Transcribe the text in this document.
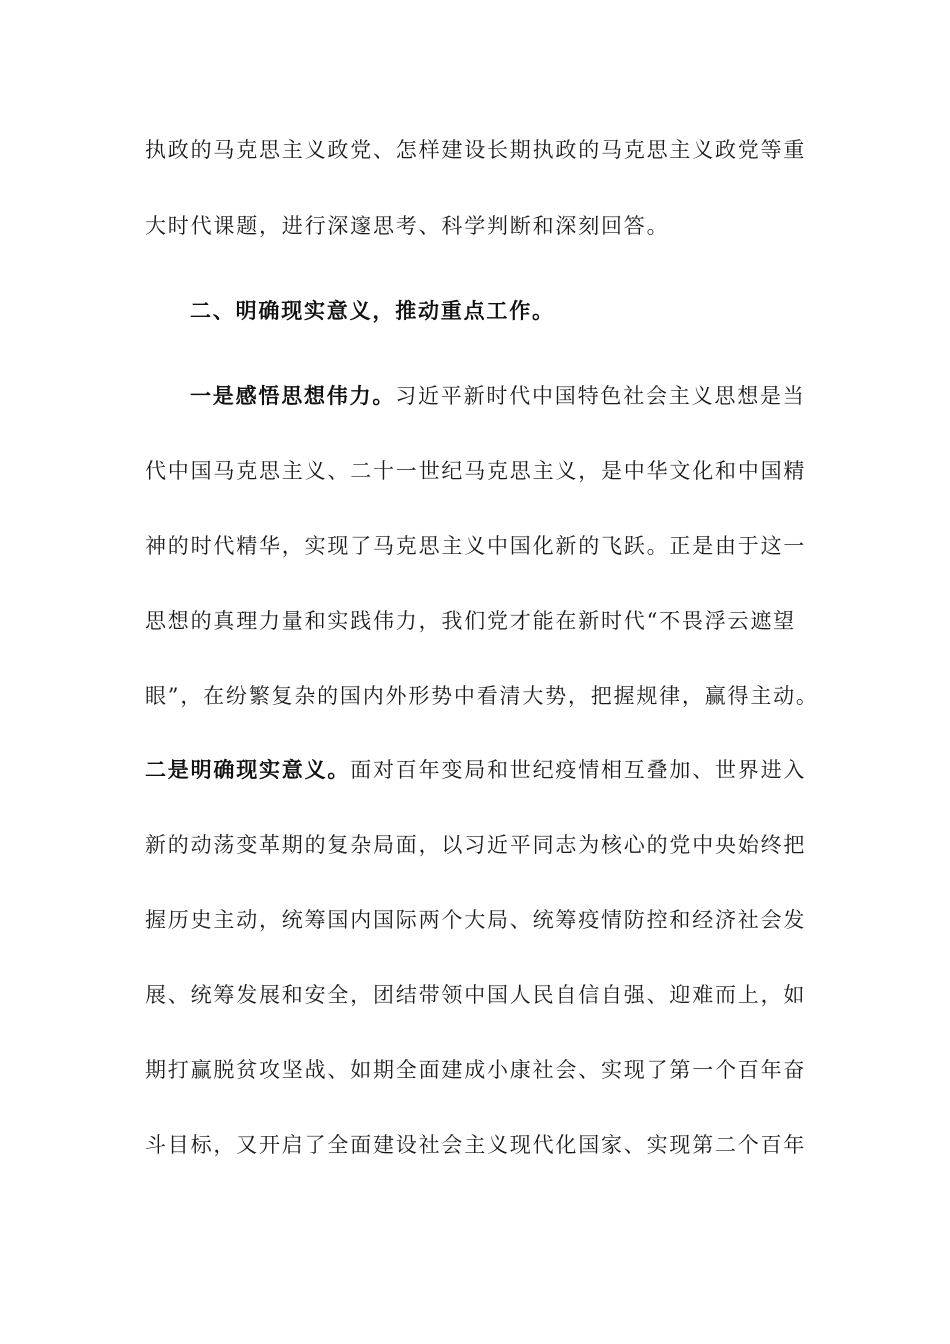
执政的马克思主义政党、怎样建设长期执政的马克思主义政党等重
大时代课题，进行深邃思考、科学判断和深刻回答。
二、明确现实意义，推动重点工作。
一是感悟思想伟力。习近平新时代中国特色社会主义思想是当
代中国马克思主义、二十一世纪马克思主义，是中华文化和中国精
神的时代精华，实现了马克思主义中国化新的飞跃。正是由于这一
思想的真理力量和实践伟力，我们党才能在新时代“不畏浮云遮望
眼”，在纷繁复杂的国内外形势中看清大势，把握规律，赢得主动。
二是明确现实意义。面对百年变局和世纪疫情相互叠加、世界进入
新的动荡变革期的复杂局面，以习近平同志为核心的党中央始终把
握历史主动，统筹国内国际两个大局、统筹疫情防控和经济社会发
展、统筹发展和安全，团结带领中国人民自信自强、迎难而上，如
期打赢脱贫攻坚战、如期全面建成小康社会、实现了第一个百年奋
斗目标，又开启了全面建设社会主义现代化国家、实现第二个百年
